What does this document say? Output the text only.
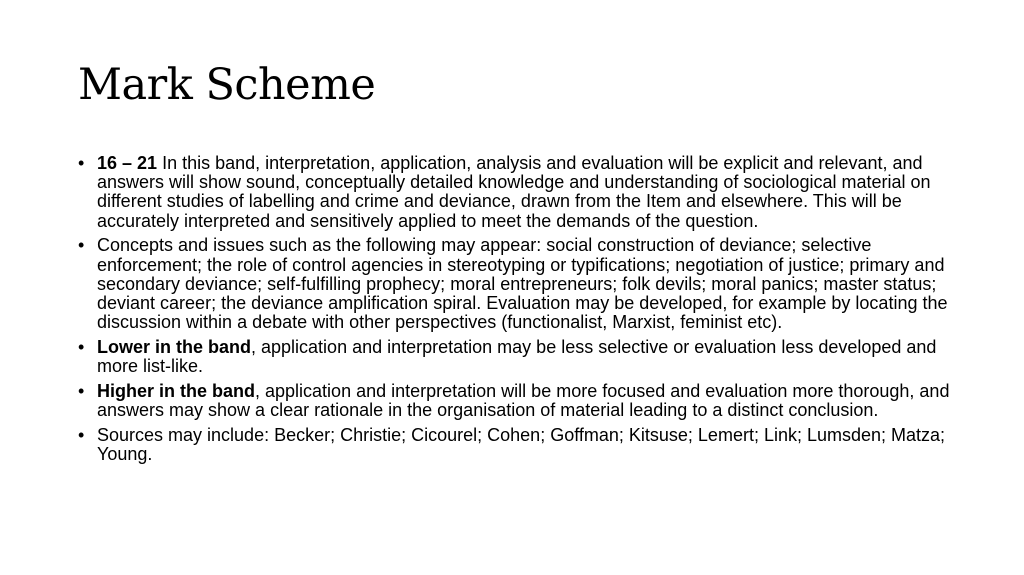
Mark Scheme
• 16 – 21 In this band, interpretation, application, analysis and evaluation will be explicit and relevant, and answers will show sound, conceptually detailed knowledge and understanding of sociological material on different studies of labelling and crime and deviance, drawn from the Item and elsewhere. This will be accurately interpreted and sensitively applied to meet the demands of the question.
• Concepts and issues such as the following may appear: social construction of deviance; selective enforcement; the role of control agencies in stereotyping or typifications; negotiation of justice; primary and secondary deviance; self-fulfilling prophecy; moral entrepreneurs; folk devils; moral panics; master status; deviant career; the deviance amplification spiral. Evaluation may be developed, for example by locating the discussion within a debate with other perspectives (functionalist, Marxist, feminist etc).
• Lower in the band, application and interpretation may be less selective or evaluation less developed and more list-like.
• Higher in the band, application and interpretation will be more focused and evaluation more thorough, and answers may show a clear rationale in the organisation of material leading to a distinct conclusion.
• Sources may include: Becker; Christie; Cicourel; Cohen; Goffman; Kitsuse; Lemert; Link; Lumsden; Matza; Young.
